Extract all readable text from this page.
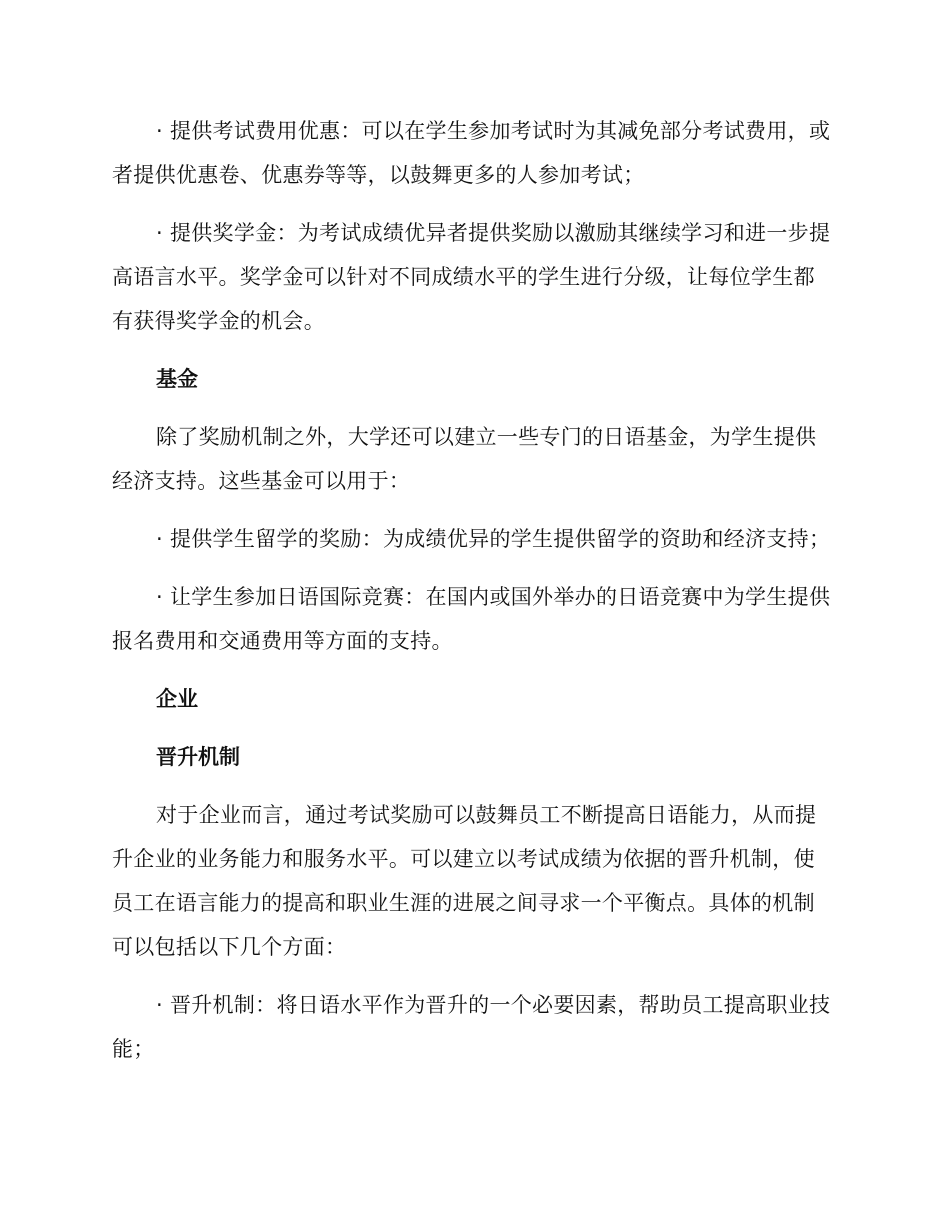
· 提供考试费用优惠：可以在学生参加考试时为其减免部分考试费用，或者提供优惠卷、优惠券等等，以鼓舞更多的人参加考试；

· 提供奖学金：为考试成绩优异者提供奖励以激励其继续学习和进一步提高语言水平。奖学金可以针对不同成绩水平的学生进行分级，让每位学生都有获得奖学金的机会。

基金

除了奖励机制之外，大学还可以建立一些专门的日语基金，为学生提供经济支持。这些基金可以用于：

· 提供学生留学的奖励：为成绩优异的学生提供留学的资助和经济支持；

· 让学生参加日语国际竞赛：在国内或国外举办的日语竞赛中为学生提供报名费用和交通费用等方面的支持。

企业

晋升机制

对于企业而言，通过考试奖励可以鼓舞员工不断提高日语能力，从而提升企业的业务能力和服务水平。可以建立以考试成绩为依据的晋升机制，使员工在语言能力的提高和职业生涯的进展之间寻求一个平衡点。具体的机制可以包括以下几个方面：

· 晋升机制：将日语水平作为晋升的一个必要因素，帮助员工提高职业技能；
